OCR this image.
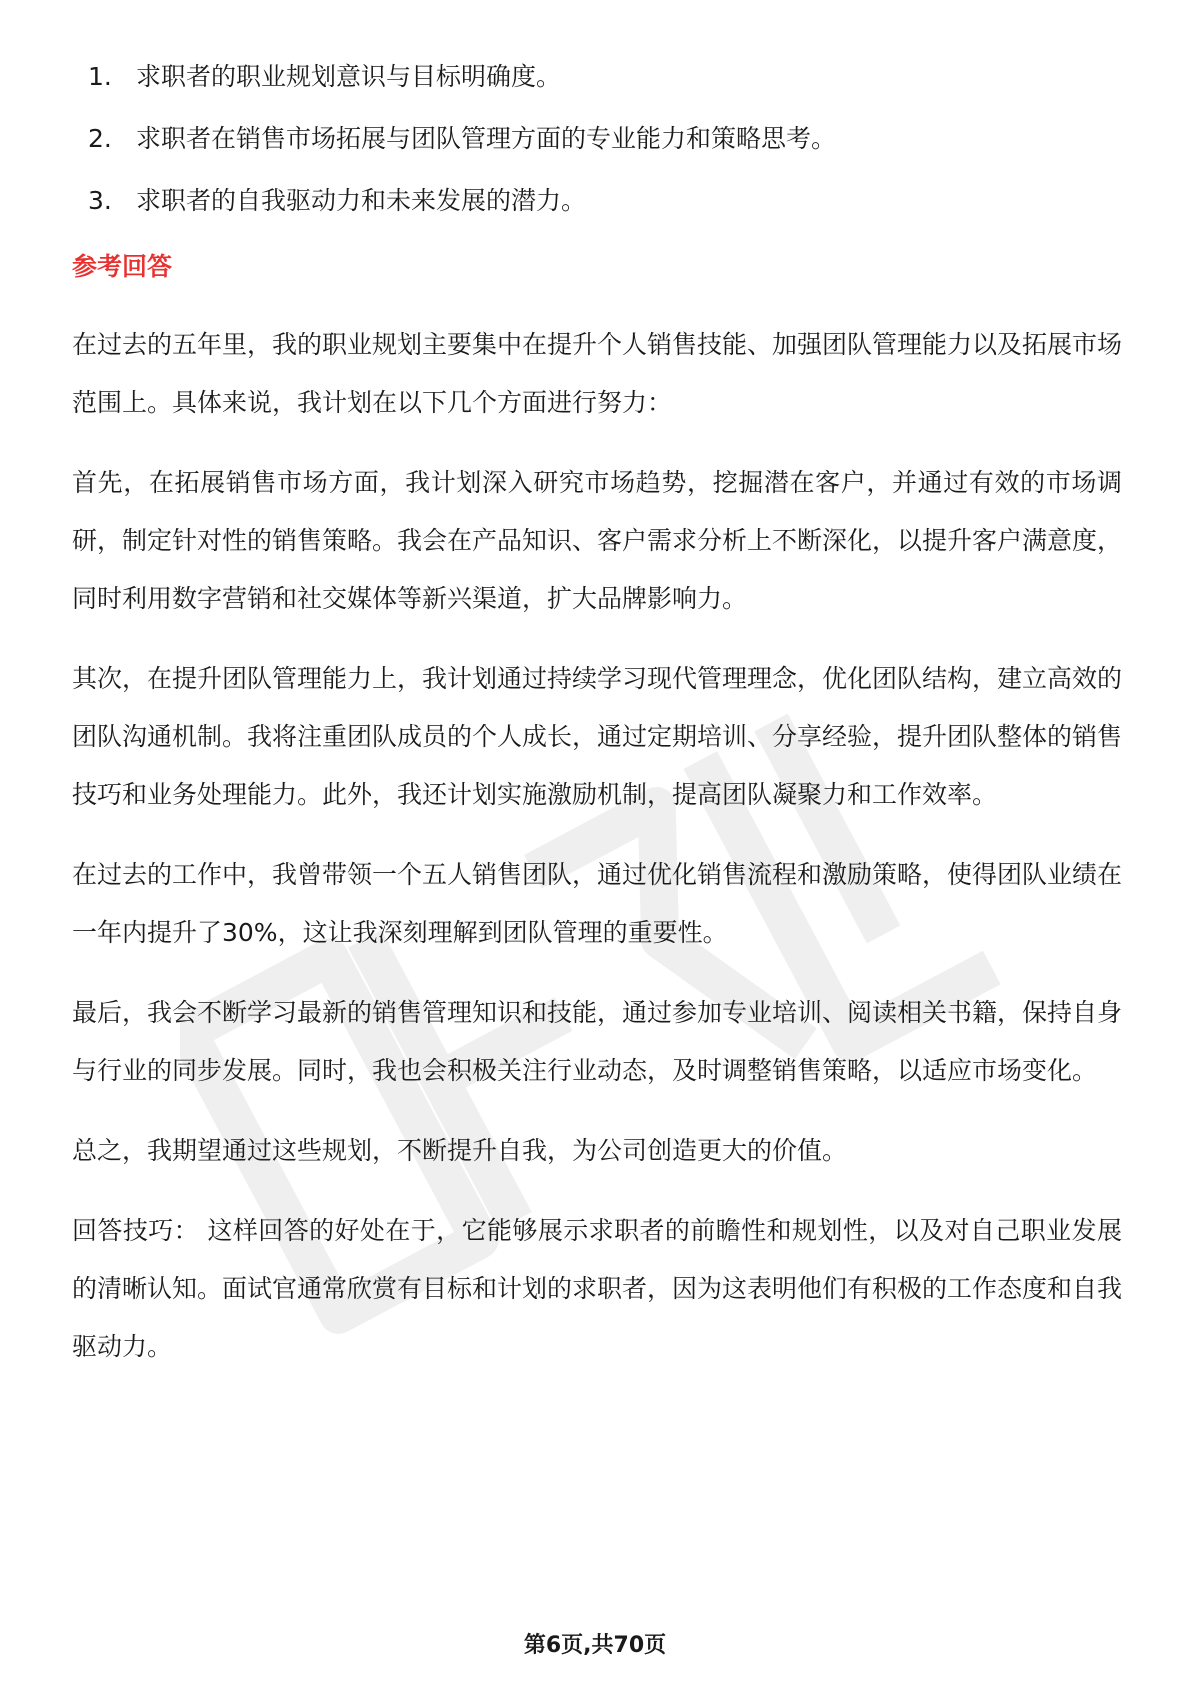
1. 求职者的职业规划意识与目标明确度。
2. 求职者在销售市场拓展与团队管理方面的专业能力和策略思考。
3. 求职者的自我驱动力和未来发展的潜力。
参考回答

在过去的五年里，我的职业规划主要集中在提升个人销售技能、加强团队管理能力以及拓展市场范围上。具体来说，我计划在以下几个方面进行努力：

首先，在拓展销售市场方面，我计划深入研究市场趋势，挖掘潜在客户，并通过有效的市场调研，制定针对性的销售策略。我会在产品知识、客户需求分析上不断深化，以提升客户满意度，同时利用数字营销和社交媒体等新兴渠道，扩大品牌影响力。

其次，在提升团队管理能力上，我计划通过持续学习现代管理理念，优化团队结构，建立高效的团队沟通机制。我将注重团队成员的个人成长，通过定期培训、分享经验，提升团队整体的销售技巧和业务处理能力。此外，我还计划实施激励机制，提高团队凝聚力和工作效率。

在过去的工作中，我曾带领一个五人销售团队，通过优化销售流程和激励策略，使得团队业绩在一年内提升了30%，这让我深刻理解到团队管理的重要性。

最后，我会不断学习最新的销售管理知识和技能，通过参加专业培训、阅读相关书籍，保持自身与行业的同步发展。同时，我也会积极关注行业动态，及时调整销售策略，以适应市场变化。

总之，我期望通过这些规划，不断提升自我，为公司创造更大的价值。

回答技巧： 这样回答的好处在于，它能够展示求职者的前瞻性和规划性，以及对自己职业发展的清晰认知。面试官通常欣赏有目标和计划的求职者，因为这表明他们有积极的工作态度和自我驱动力。

第6页,共70页
